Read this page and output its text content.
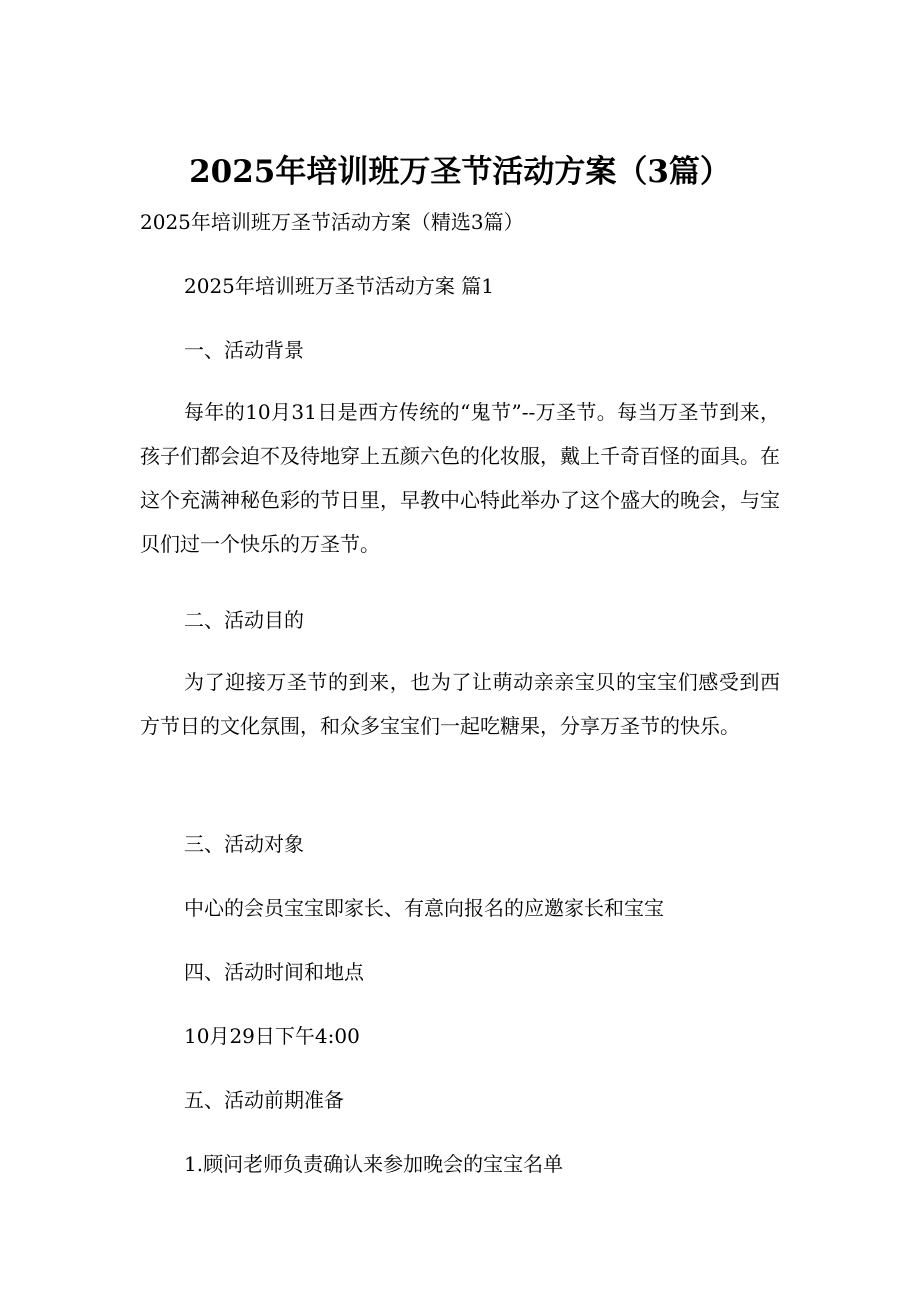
2025年培训班万圣节活动方案（3篇）
2025年培训班万圣节活动方案（精选3篇）
2025年培训班万圣节活动方案 篇1
一、活动背景
每年的10月31日是西方传统的“鬼节”--万圣节。每当万圣节到来，孩子们都会迫不及待地穿上五颜六色的化妆服，戴上千奇百怪的面具。在这个充满神秘色彩的节日里，早教中心特此举办了这个盛大的晚会，与宝贝们过一个快乐的万圣节。
二、活动目的
为了迎接万圣节的到来，也为了让萌动亲亲宝贝的宝宝们感受到西方节日的文化氛围，和众多宝宝们一起吃糖果，分享万圣节的快乐。
三、活动对象
中心的会员宝宝即家长、有意向报名的应邀家长和宝宝
四、活动时间和地点
10月29日下午4:00
五、活动前期准备
1.顾问老师负责确认来参加晚会的宝宝名单
